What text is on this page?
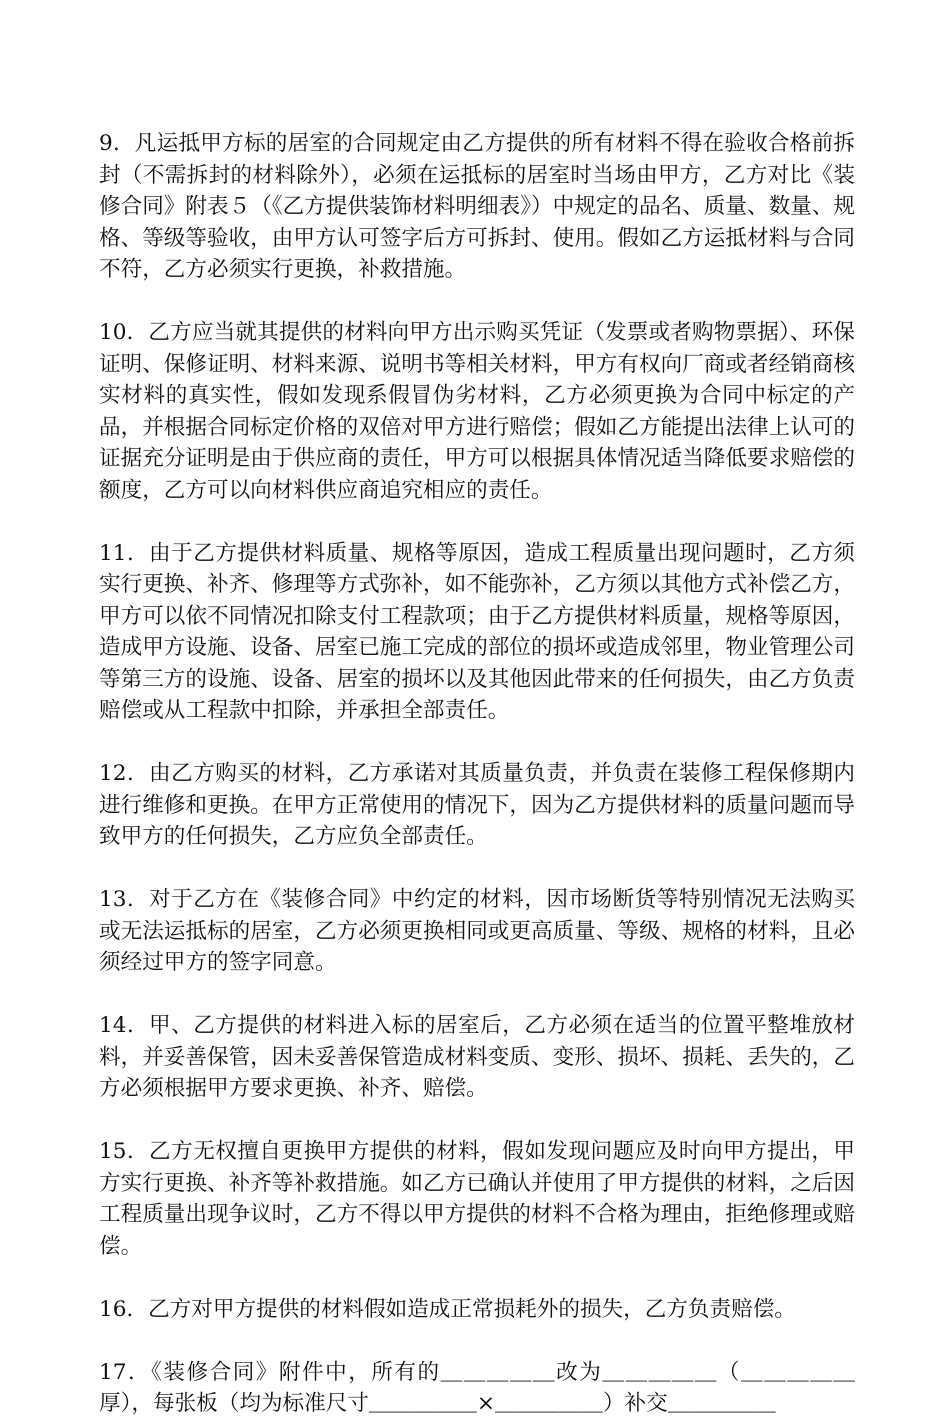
9．凡运抵甲方标的居室的合同规定由乙方提供的所有材料不得在验收合格前拆封（不需拆封的材料除外），必须在运抵标的居室时当场由甲方，乙方对比《装修合同》附表５（《乙方提供装饰材料明细表》）中规定的品名、质量、数量、规格、等级等验收，由甲方认可签字后方可拆封、使用。假如乙方运抵材料与合同不符，乙方必须实行更换，补救措施。

10．乙方应当就其提供的材料向甲方出示购买凭证（发票或者购物票据）、环保证明、保修证明、材料来源、说明书等相关材料，甲方有权向厂商或者经销商核实材料的真实性，假如发现系假冒伪劣材料，乙方必须更换为合同中标定的产品，并根据合同标定价格的双倍对甲方进行赔偿；假如乙方能提出法律上认可的证据充分证明是由于供应商的责任，甲方可以根据具体情况适当降低要求赔偿的额度，乙方可以向材料供应商追究相应的责任。

11．由于乙方提供材料质量、规格等原因，造成工程质量出现问题时，乙方须实行更换、补齐、修理等方式弥补，如不能弥补，乙方须以其他方式补偿乙方，甲方可以依不同情况扣除支付工程款项；由于乙方提供材料质量，规格等原因，造成甲方设施、设备、居室已施工完成的部位的损坏或造成邻里，物业管理公司等第三方的设施、设备、居室的损坏以及其他因此带来的任何损失，由乙方负责赔偿或从工程款中扣除，并承担全部责任。

12．由乙方购买的材料，乙方承诺对其质量负责，并负责在装修工程保修期内进行维修和更换。在甲方正常使用的情况下，因为乙方提供材料的质量问题而导致甲方的任何损失，乙方应负全部责任。

13．对于乙方在《装修合同》中约定的材料，因市场断货等特别情况无法购买或无法运抵标的居室，乙方必须更换相同或更高质量、等级、规格的材料，且必须经过甲方的签字同意。

14．甲、乙方提供的材料进入标的居室后，乙方必须在适当的位置平整堆放材料，并妥善保管，因未妥善保管造成材料变质、变形、损坏、损耗、丢失的，乙方必须根据甲方要求更换、补齐、赔偿。

15．乙方无权擅自更换甲方提供的材料，假如发现问题应及时向甲方提出，甲方实行更换、补齐等补救措施。如乙方已确认并使用了甲方提供的材料，之后因工程质量出现争议时，乙方不得以甲方提供的材料不合格为理由，拒绝修理或赔偿。

16．乙方对甲方提供的材料假如造成正常损耗外的损失，乙方负责赔偿。

17．《装修合同》附件中，所有的＿＿＿＿＿改为＿＿＿＿＿（＿＿＿＿＿厚），每张板（均为标准尺寸＿＿＿＿＿×＿＿＿＿＿）补交＿＿＿＿＿
